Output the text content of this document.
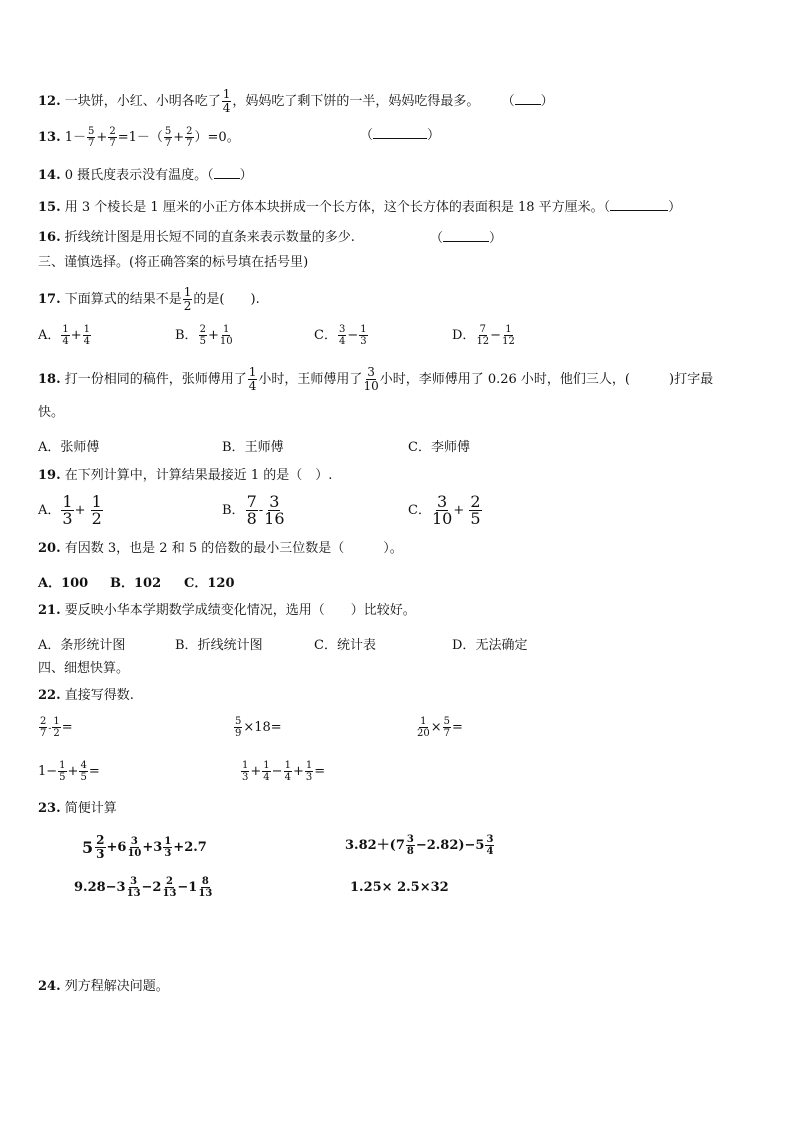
12. 一块饼，小红、小明各吃了 $\frac{1}{4}$ ，妈妈吃了剩下饼的一半，妈妈吃得最多。 （ ）
13. $1- \frac{5}{7} + \frac{2}{7} =1-( \frac{5}{7} + \frac{2}{7} )=0$。	（	）
14. 0 摄氏度表示没有温度。（ ）
15. 用 3 个棱长是 1 厘米的小正方体本块拼成一个长方体，这个长方体的表面积是 18 平方厘米。（	）
16. 折线统计图是用长短不同的直条来表示数量的多少.	（	）
三、谨慎选择。(将正确答案的标号填在括号里)
17. 下面算式的结果不是 $\frac{1}{2}$ 的是(　　).
A． $\frac{1}{4} + \frac{1}{4}$	B． $\frac{2}{5} + \frac{1}{10}$	C． $\frac{3}{4} - \frac{1}{3}$	D． $\frac{7}{12} - \frac{1}{12}$
18. 打一份相同的稿件，张师傅用了 $\frac{1}{4}$ 小时，王师傅用了 $\frac{3}{10}$ 小时，李师傅用了 0.26 小时，他们三人，(　　　)打字最
快。
A．张师傅	B．王师傅	C．李师傅
19. 在下列计算中，计算结果最接近 1 的是（　）.
A． $\frac{1}{3} + \frac{1}{2}$	B． $\frac{7}{8} - \frac{3}{16}$	C． $\frac{3}{10} + \frac{2}{5}$
20. 有因数 3，也是 2 和 5 的倍数的最小三位数是（　　　）。
A．100 B．102 C．120
21. 要反映小华本学期数学成绩变化情况，选用（　　）比较好。
A．条形统计图	B．折线统计图	C．统计表	D．无法确定
四、细想快算。
22. 直接写得数.
$\frac{2}{7} - \frac{1}{2}$ =	$\frac{5}{9} \times 18=$	$\frac{1}{20} \times \frac{5}{7}$ =
$1- \frac{1}{5} + \frac{4}{5}$ =	$\frac{1}{3} + \frac{1}{4} - \frac{1}{4} + \frac{1}{3}$ =
23. 简便计算
$5 \frac{2}{3} +6 \frac{3}{10} +3 \frac{1}{3} +2.7$	$3.82+(7 \frac{3}{8} -2.82)-5 \frac{3}{4}$
$9.28-3 \frac{3}{13} -2 \frac{2}{13} -1 \frac{8}{13}$	1.25× 2.5×32
24. 列方程解决问题。
